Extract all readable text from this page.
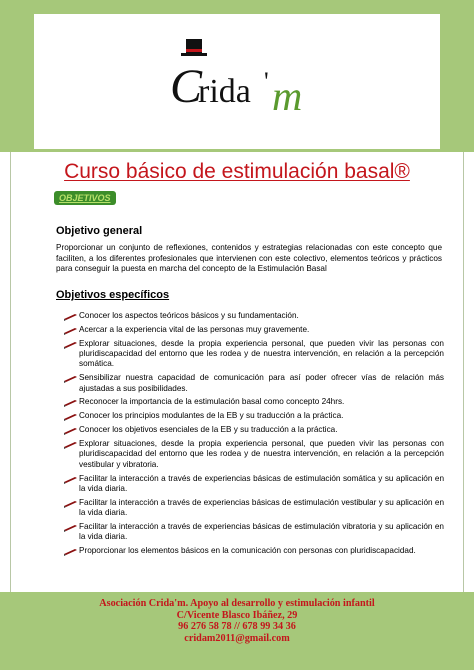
C
rida ' m
Curso básico de estimulación basal®
OBJETIVOS
Objetivo general
Proporcionar un conjunto de reflexiones, contenidos y estrategias relacionadas con este concepto que faciliten, a los diferentes profesionales que intervienen con este colectivo, elementos teóricos y prácticos para conseguir la puesta en marcha del concepto de la Estimulación Basal
Objetivos específicos
Conocer los aspectos teóricos básicos y su fundamentación.
Acercar a la experiencia vital de las personas muy gravemente.
Explorar situaciones, desde la propia experiencia personal, que pueden vivir las personas con pluridiscapacidad del entorno que les rodea y de nuestra intervención, en relación a la percepción somática.
Sensibilizar nuestra capacidad de comunicación para así poder ofrecer vías de relación más ajustadas a sus posibilidades.
Reconocer la importancia de la estimulación basal como concepto 24hrs.
Conocer los principios modulantes de la EB y su traducción a la práctica.
Conocer los objetivos esenciales de la EB y su traducción a la práctica.
Explorar situaciones, desde la propia experiencia personal, que pueden vivir las personas con pluridiscapacidad del entorno que les rodea y de nuestra intervención, en relación a la percepción vestibular y vibratoria.
Facilitar la interacción a través de experiencias básicas de estimulación somática y su aplicación en la vida diaria.
Facilitar la interacción a través de experiencias básicas de estimulación vestibular y su aplicación en la vida diaria.
Facilitar la interacción a través de experiencias básicas de estimulación vibratoria y su aplicación en la vida diaria.
Proporcionar los elementos básicos en la comunicación con personas con pluridiscapacidad.
Asociación Crida'm. Apoyo al desarrollo y estimulación infantil
C/Vicente Blasco Ibáñez, 29
96 276 58 78 // 678 99 34 36
cridam2011@gmail.com
